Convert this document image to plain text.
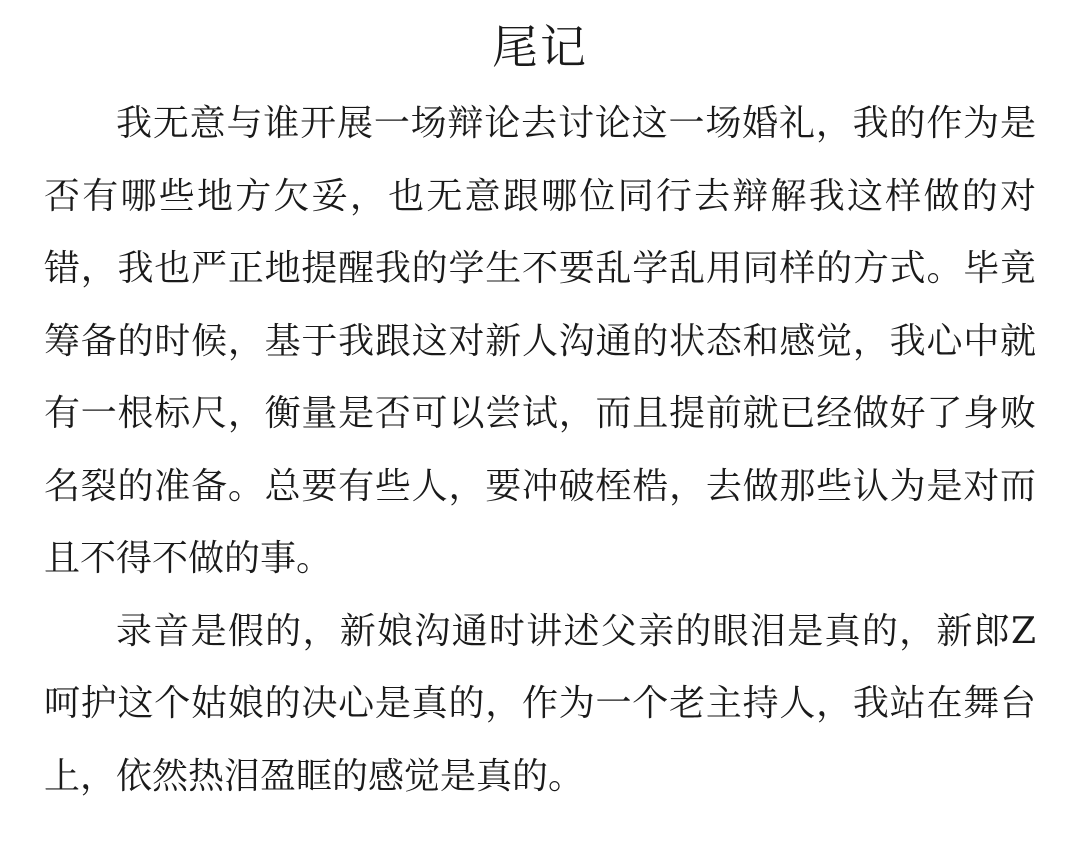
尾记

我无意与谁开展一场辩论去讨论这一场婚礼，我的作为是否有哪些地方欠妥，也无意跟哪位同行去辩解我这样做的对错，我也严正地提醒我的学生不要乱学乱用同样的方式。毕竟筹备的时候，基于我跟这对新人沟通的状态和感觉，我心中就有一根标尺，衡量是否可以尝试，而且提前就已经做好了身败名裂的准备。总要有些人，要冲破桎梏，去做那些认为是对而且不得不做的事。

录音是假的，新娘沟通时讲述父亲的眼泪是真的，新郎Z呵护这个姑娘的决心是真的，作为一个老主持人，我站在舞台上，依然热泪盈眶的感觉是真的。
